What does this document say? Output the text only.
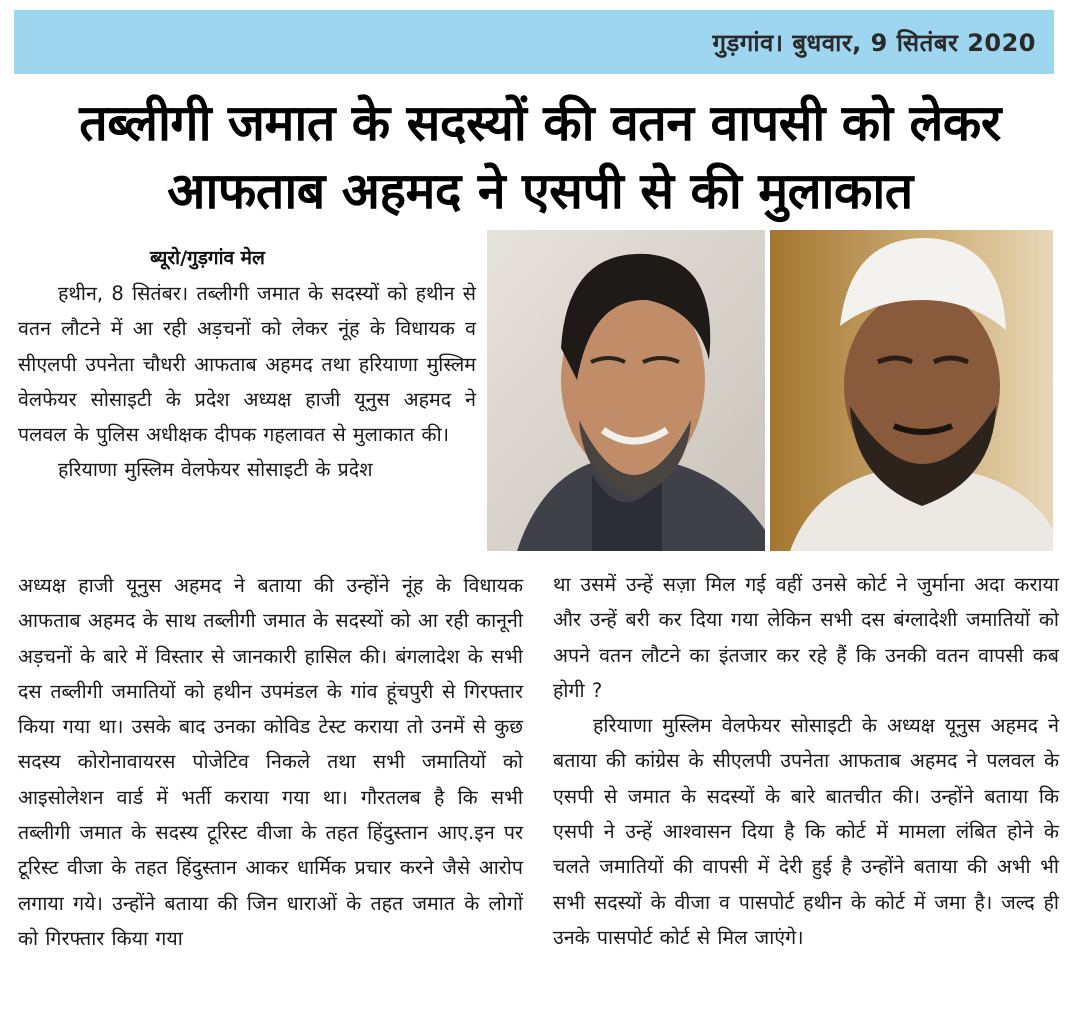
गुड़गांव। बुधवार, 9 सितंबर 2020
तब्लीगी जमात के सदस्यों की वतन वापसी को लेकर
आफताब अहमद ने एसपी से की मुलाकात
ब्यूरो/गुड़गांव मेल

हथीन, 8 सितंबर। तब्लीगी जमात के सदस्यों को हथीन से वतन लौटने में आ रही अड़चनों को लेकर नूंह के विधायक व सीएलपी उपनेता चौधरी आफताब अहमद तथा हरियाणा मुस्लिम वेलफेयर सोसाइटी के प्रदेश अध्यक्ष हाजी यूनुस अहमद ने पलवल के पुलिस अधीक्षक दीपक गहलावत से मुलाकात की।

हरियाणा मुस्लिम वेलफेयर सोसाइटी के प्रदेश

अध्यक्ष हाजी यूनुस अहमद ने बताया की उन्होंने नूंह के विधायक आफताब अहमद के साथ तब्लीगी जमात के सदस्यों को आ रही कानूनी अड़चनों के बारे में विस्तार से जानकारी हासिल की। बंगलादेश के सभी दस तब्लीगी जमातियों को हथीन उपमंडल के गांव हूंचपुरी से गिरफ्तार किया गया था। उसके बाद उनका कोविड टेस्ट कराया तो उनमें से कुछ सदस्य कोरोनावायरस पोजेटिव निकले तथा सभी जमातियों को आइसोलेशन वार्ड में भर्ती कराया गया था। गौरतलब है कि सभी तब्लीगी जमात के सदस्य टूरिस्ट वीजा के तहत हिंदुस्तान आए.इन पर टूरिस्ट वीजा के तहत हिंदुस्तान आकर धार्मिक प्रचार करने जैसे आरोप लगाया गये। उन्होंने बताया की जिन धाराओं के तहत जमात के लोगों को गिरफ्तार किया गया

था उसमें उन्हें सज़ा मिल गई वहीं उनसे कोर्ट ने जुर्माना अदा कराया और उन्हें बरी कर दिया गया लेकिन सभी दस बंग्लादेशी जमातियों को अपने वतन लौटने का इंतजार कर रहे हैं कि उनकी वतन वापसी कब होगी ?

हरियाणा मुस्लिम वेलफेयर सोसाइटी के अध्यक्ष यूनुस अहमद ने बताया की कांग्रेस के सीएलपी उपनेता आफताब अहमद ने पलवल के एसपी से जमात के सदस्यों के बारे बातचीत की। उन्होंने बताया कि एसपी ने उन्हें आश्वासन दिया है कि कोर्ट में मामला लंबित होने के चलते जमातियों की वापसी में देरी हुई है उन्होंने बताया की अभी भी सभी सदस्यों के वीजा व पासपोर्ट हथीन के कोर्ट में जमा है। जल्द ही उनके पासपोर्ट कोर्ट से मिल जाएंगे।
